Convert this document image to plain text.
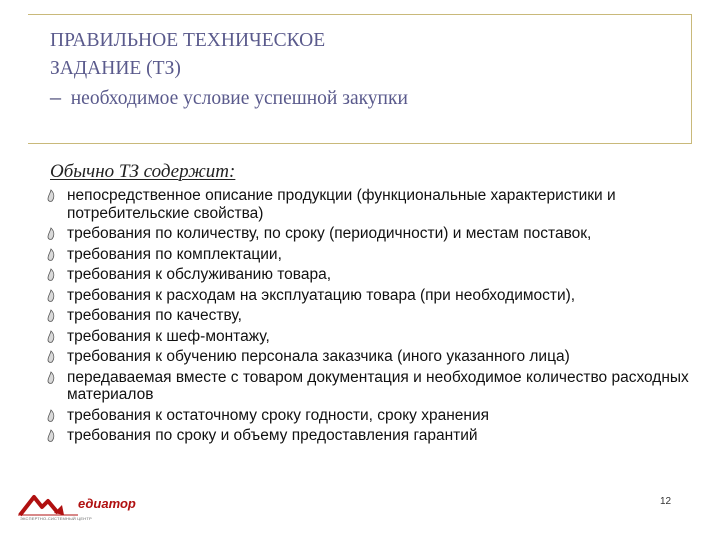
ПРАВИЛЬНОЕ ТЕХНИЧЕСКОЕ
ЗАДАНИЕ (ТЗ)
– необходимое условие успешной закупки
Обычно ТЗ содержит:
непосредственное описание продукции (функциональные характеристики и потребительские свойства)
требования по количеству, по сроку (периодичности) и местам поставок,
требования по комплектации,
требования к обслуживанию товара,
требования к расходам на эксплуатацию товара (при необходимости),
требования по качеству,
требования к шеф-монтажу,
требования к обучению персонала заказчика (иного указанного лица)
передаваемая вместе с товаром документация и необходимое количество расходных материалов
требования к остаточному сроку годности, сроку хранения
требования по сроку и объему предоставления гарантий
едиатор
ЭКСПЕРТНО-СИСТЕМНЫЙ ЦЕНТР
12
